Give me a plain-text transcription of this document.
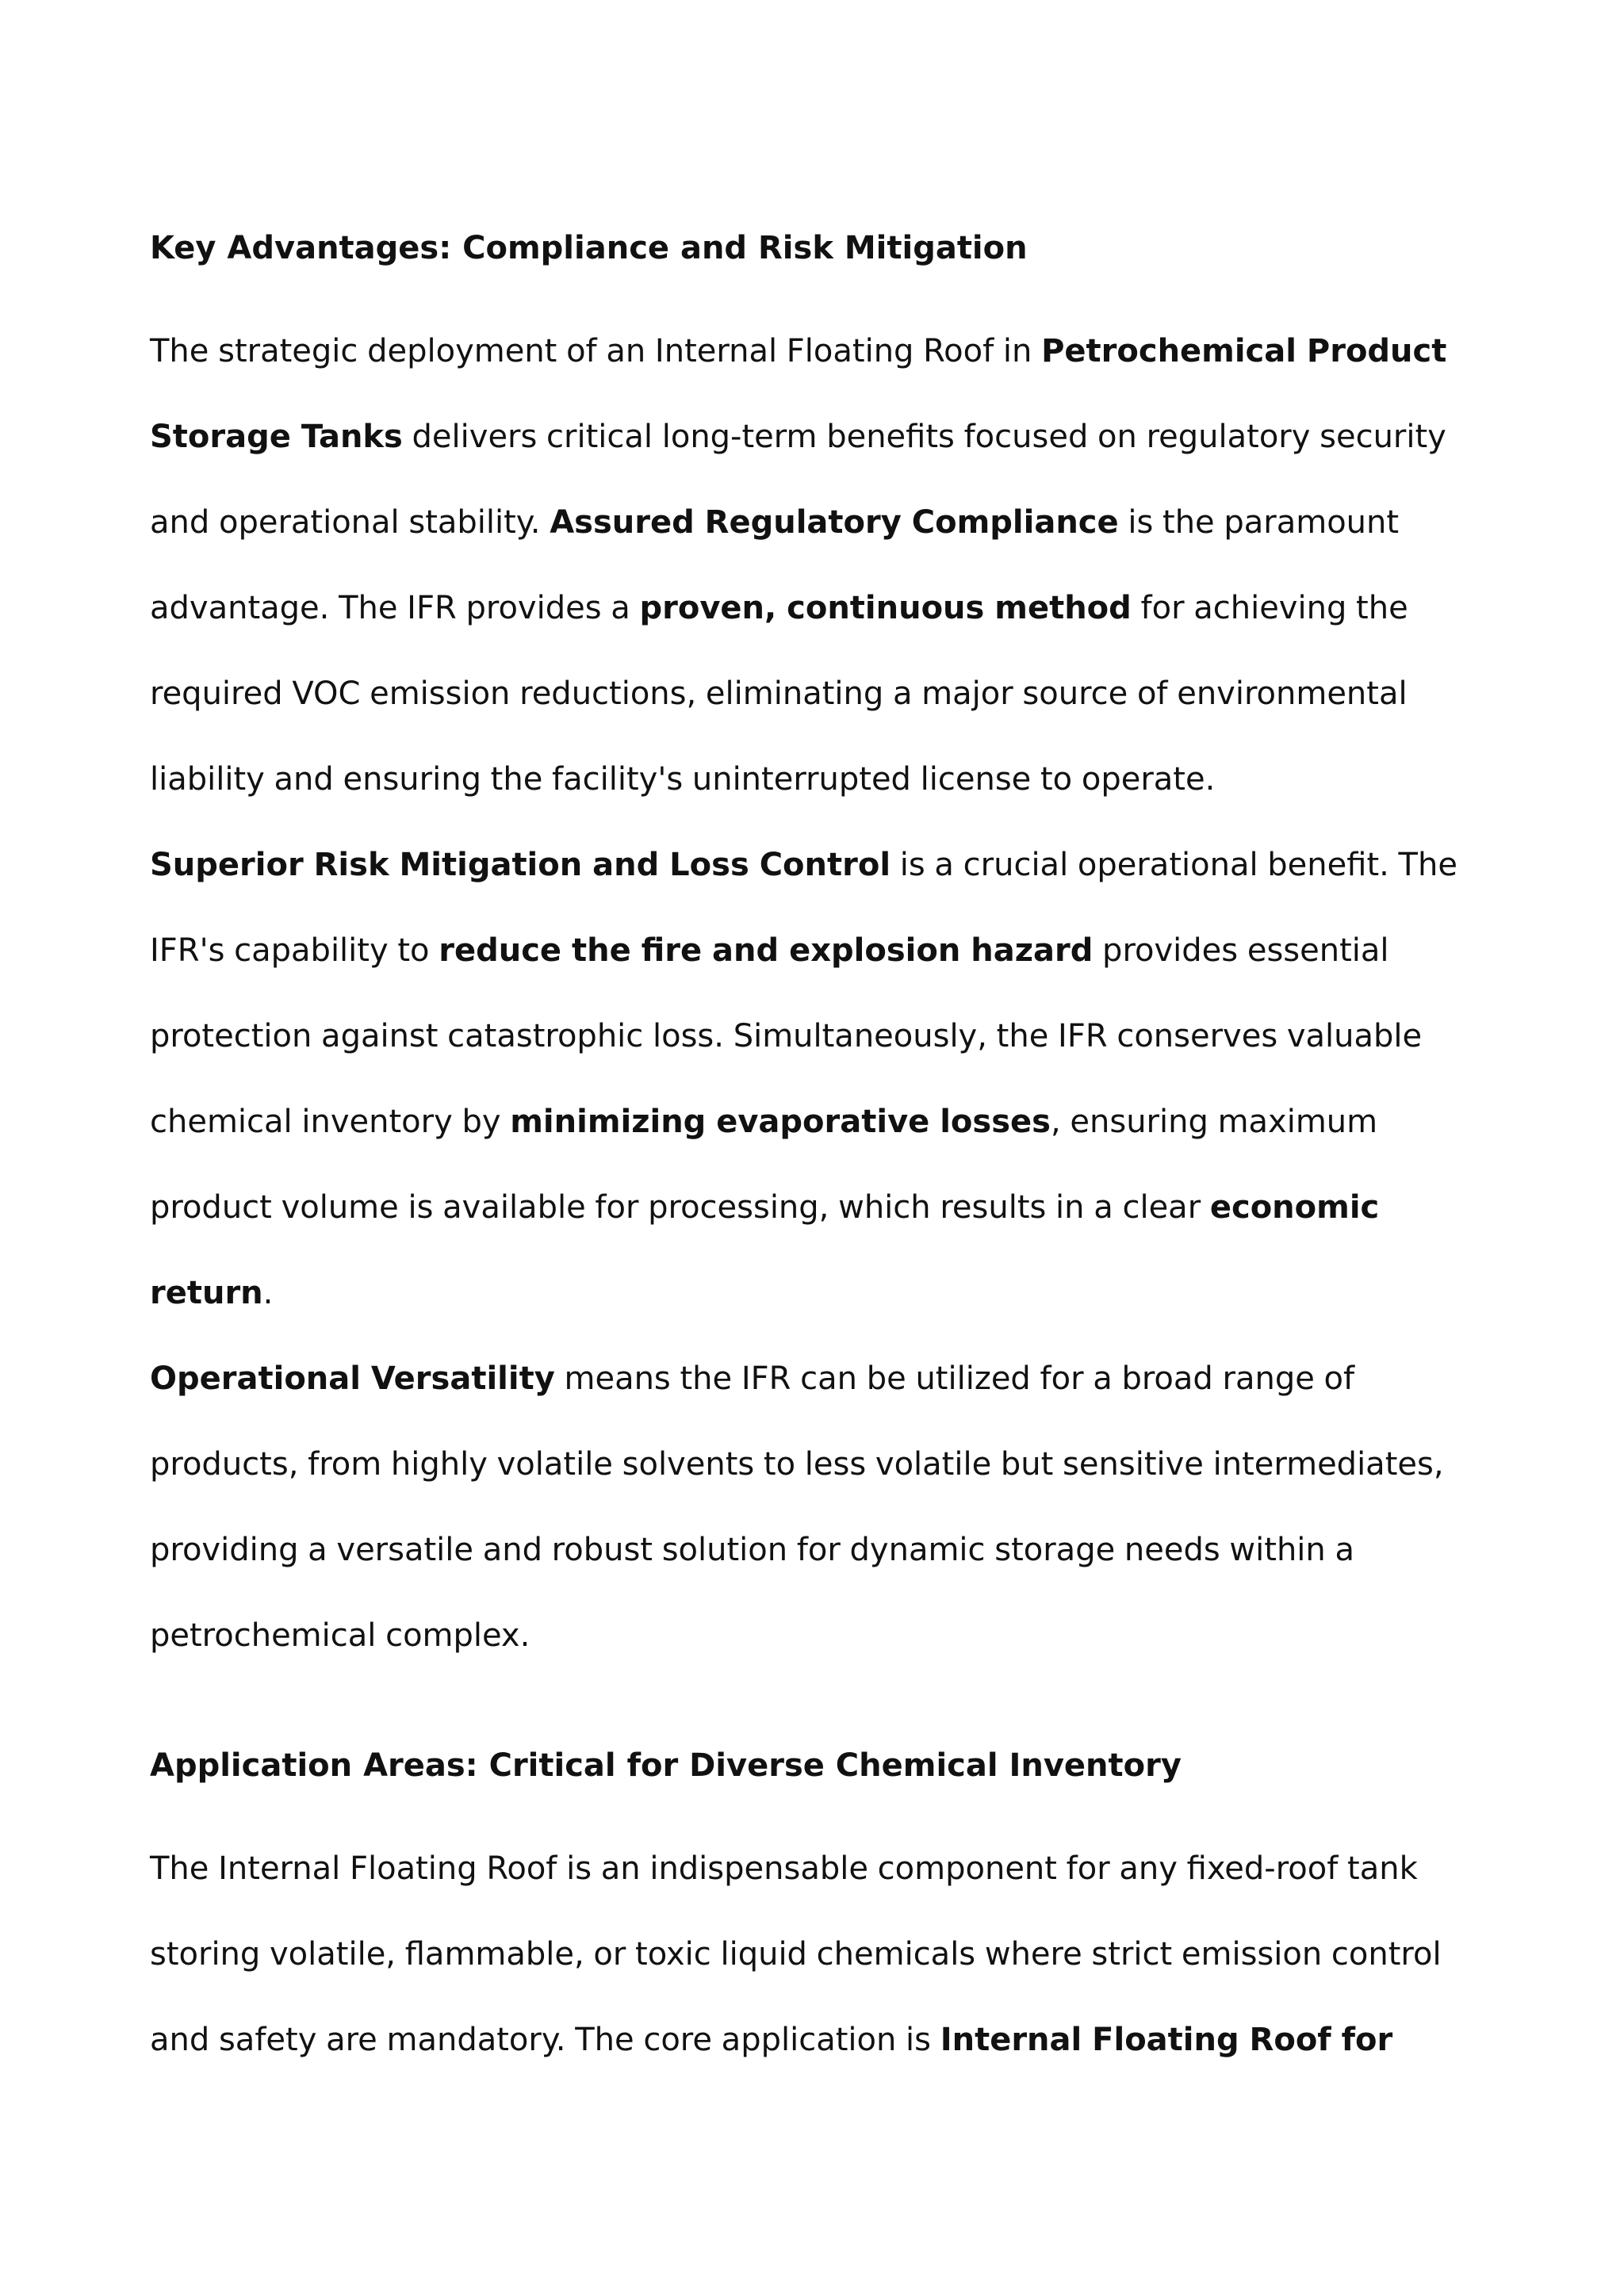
Key Advantages: Compliance and Risk Mitigation

The strategic deployment of an Internal Floating Roof in Petrochemical Product Storage Tanks delivers critical long-term benefits focused on regulatory security and operational stability. Assured Regulatory Compliance is the paramount advantage. The IFR provides a proven, continuous method for achieving the required VOC emission reductions, eliminating a major source of environmental liability and ensuring the facility's uninterrupted license to operate.

Superior Risk Mitigation and Loss Control is a crucial operational benefit. The IFR's capability to reduce the fire and explosion hazard provides essential protection against catastrophic loss. Simultaneously, the IFR conserves valuable chemical inventory by minimizing evaporative losses, ensuring maximum product volume is available for processing, which results in a clear economic return.

Operational Versatility means the IFR can be utilized for a broad range of products, from highly volatile solvents to less volatile but sensitive intermediates, providing a versatile and robust solution for dynamic storage needs within a petrochemical complex.

Application Areas: Critical for Diverse Chemical Inventory

The Internal Floating Roof is an indispensable component for any fixed-roof tank storing volatile, flammable, or toxic liquid chemicals where strict emission control and safety are mandatory. The core application is Internal Floating Roof for
